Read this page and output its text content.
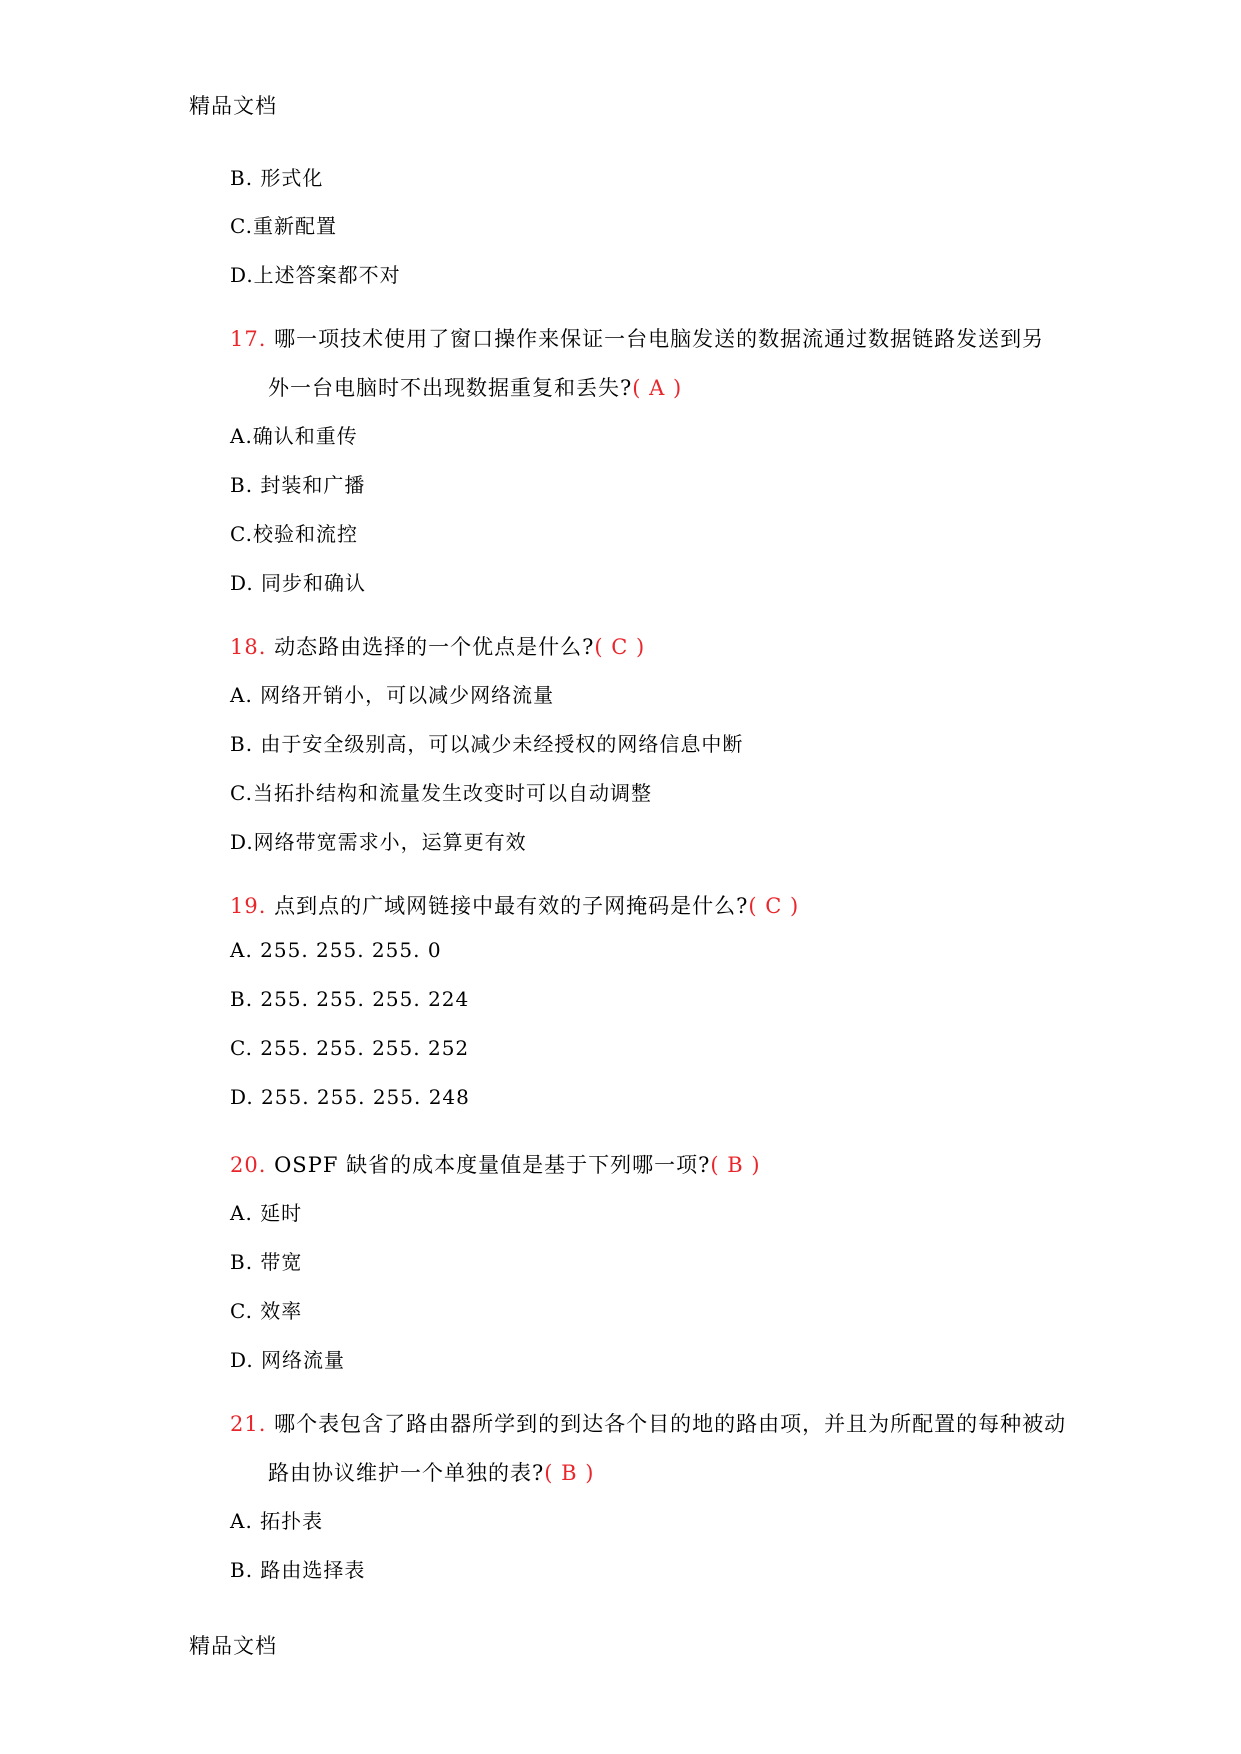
精品文档
B. 形式化
C.重新配置
D.上述答案都不对
17. 哪一项技术使用了窗口操作来保证一台电脑发送的数据流通过数据链路发送到另
外一台电脑时不出现数据重复和丢失?( A )
A.确认和重传
B. 封装和广播
C.校验和流控
D. 同步和确认
18. 动态路由选择的一个优点是什么?( C )
A. 网络开销小，可以减少网络流量
B. 由于安全级别高，可以减少未经授权的网络信息中断
C.当拓扑结构和流量发生改变时可以自动调整
D.网络带宽需求小，运算更有效
19. 点到点的广域网链接中最有效的子网掩码是什么?( C )
A. 255. 255. 255. 0
B. 255. 255. 255. 224
C. 255. 255. 255. 252
D. 255. 255. 255. 248
20. OSPF 缺省的成本度量值是基于下列哪一项?( B )
A. 延时
B. 带宽
C. 效率
D. 网络流量
21. 哪个表包含了路由器所学到的到达各个目的地的路由项，并且为所配置的每种被动
路由协议维护一个单独的表?( B )
A. 拓扑表
B. 路由选择表
精品文档
